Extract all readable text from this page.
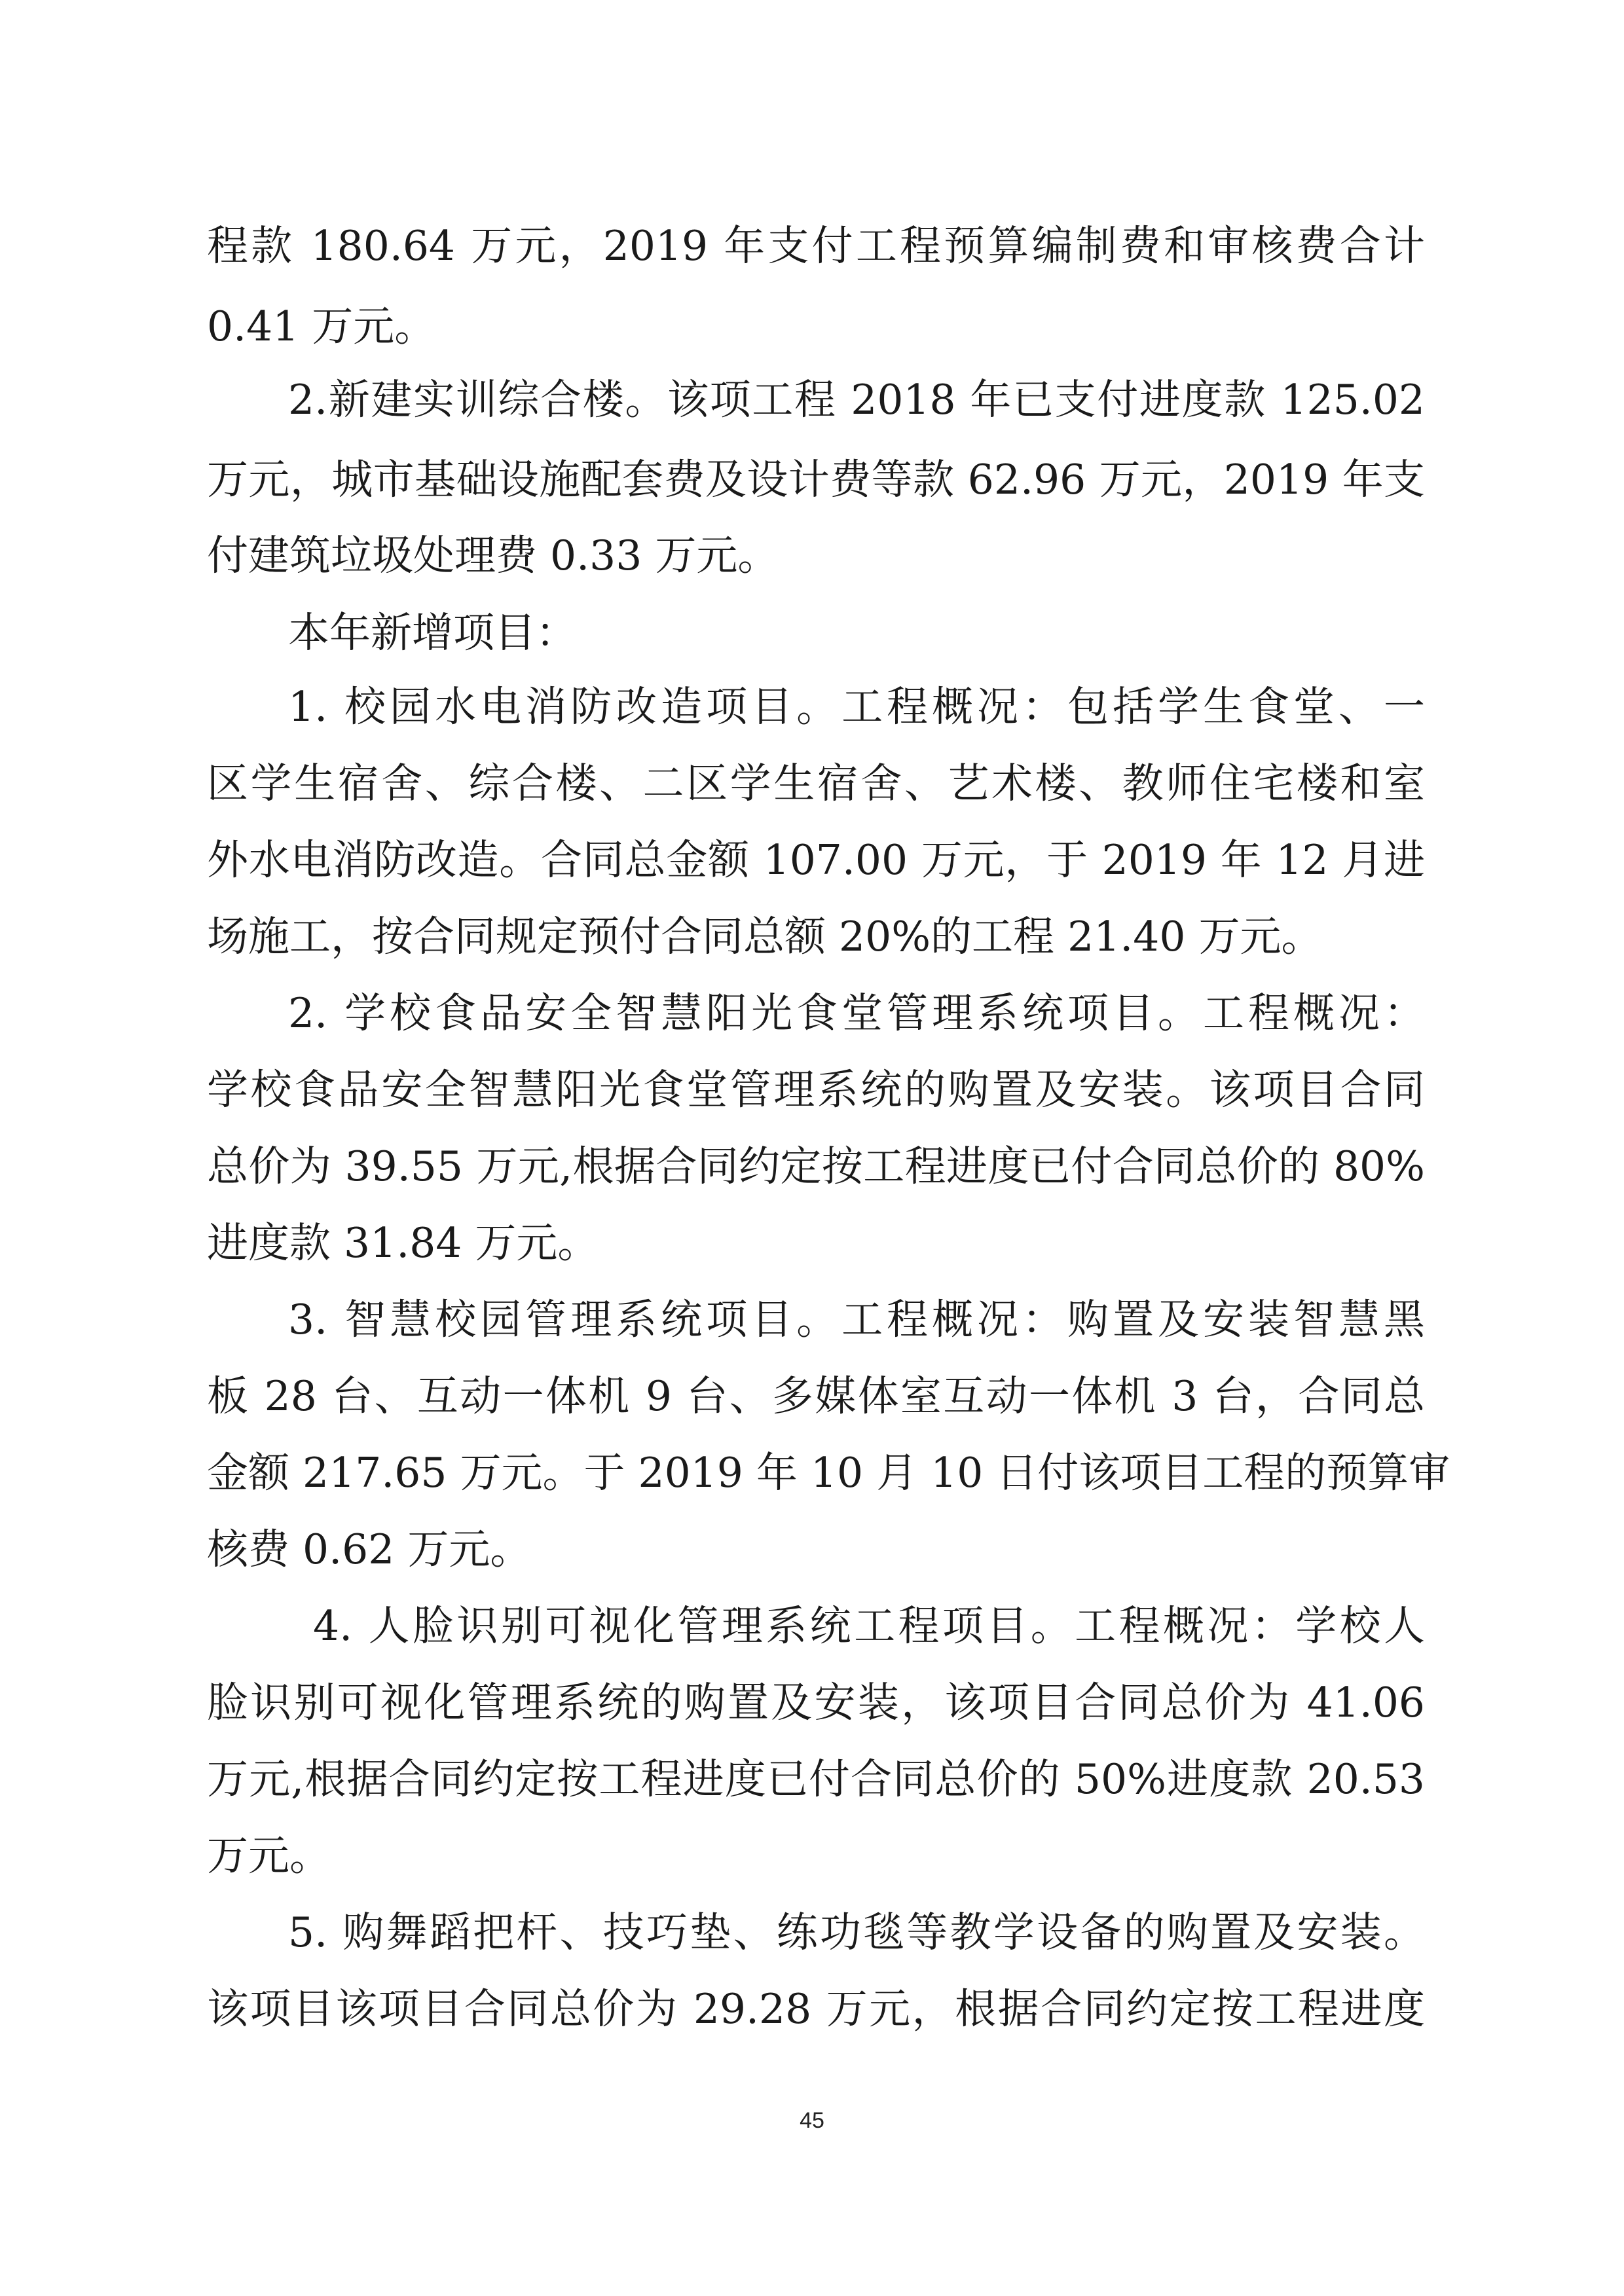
程款 180.64 万元，2019 年支付工程预算编制费和审核费合计
0.41 万元。
2.新建实训综合楼。该项工程 2018 年已支付进度款 125.02
万元，城市基础设施配套费及设计费等款 62.96 万元，2019 年支
付建筑垃圾处理费 0.33 万元。
本年新增项目：
1. 校园水电消防改造项目。工程概况：包括学生食堂、一
区学生宿舍、综合楼、二区学生宿舍、艺术楼、教师住宅楼和室
外水电消防改造。合同总金额 107.00 万元，于 2019 年 12 月进
场施工，按合同规定预付合同总额 20%的工程 21.40 万元。
2. 学校食品安全智慧阳光食堂管理系统项目。工程概况：
学校食品安全智慧阳光食堂管理系统的购置及安装。该项目合同
总价为 39.55 万元,根据合同约定按工程进度已付合同总价的 80%
进度款 31.84 万元。
3. 智慧校园管理系统项目。工程概况：购置及安装智慧黑
板 28 台、互动一体机 9 台、多媒体室互动一体机 3 台，合同总
金额 217.65 万元。于 2019 年 10 月 10 日付该项目工程的预算审
核费 0.62 万元。
4. 人脸识别可视化管理系统工程项目。工程概况：学校人
脸识别可视化管理系统的购置及安装，该项目合同总价为 41.06
万元,根据合同约定按工程进度已付合同总价的 50%进度款 20.53
万元。
5. 购舞蹈把杆、技巧垫、练功毯等教学设备的购置及安装。
该项目该项目合同总价为 29.28 万元，根据合同约定按工程进度
45
